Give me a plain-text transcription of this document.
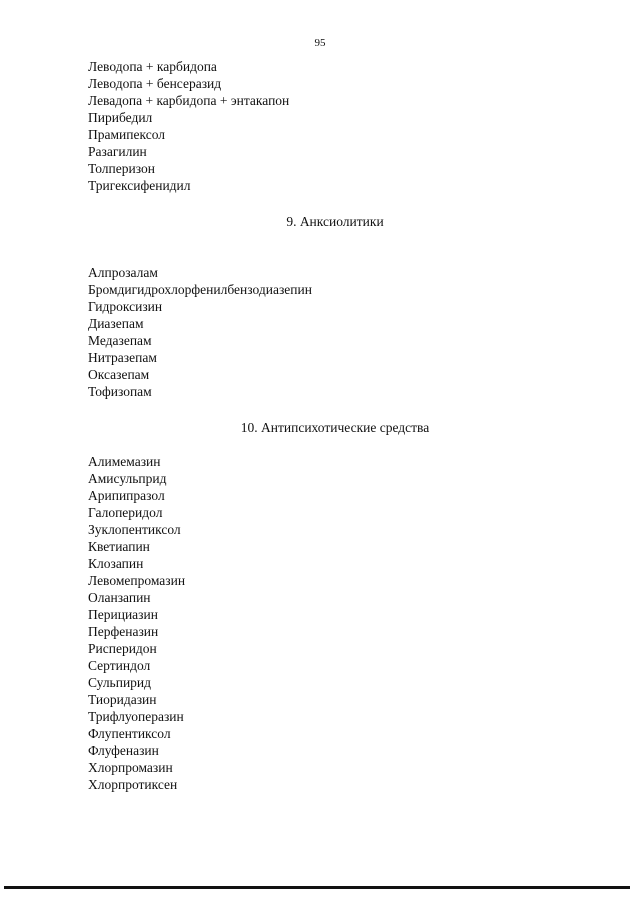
95
Леводопа + карбидопа
Леводопа + бенсеразид
Левадопа + карбидопа + энтакапон
Пирибедил
Прамипексол
Разагилин
Толперизон
Тригексифенидил
9. Анксиолитики
Алпрозалам
Бромдигидрохлорфенилбензодиазепин
Гидроксизин
Диазепам
Медазепам
Нитразепам
Оксазепам
Тофизопам
10. Антипсихотические средства
Алимемазин
Амисульприд
Арипипразол
Галоперидол
Зуклопентиксол
Кветиапин
Клозапин
Левомепромазин
Оланзапин
Перициазин
Перфеназин
Рисперидон
Сертиндол
Сульпирид
Тиоридазин
Трифлуоперазин
Флупентиксол
Флуфеназин
Хлорпромазин
Хлорпротиксен
